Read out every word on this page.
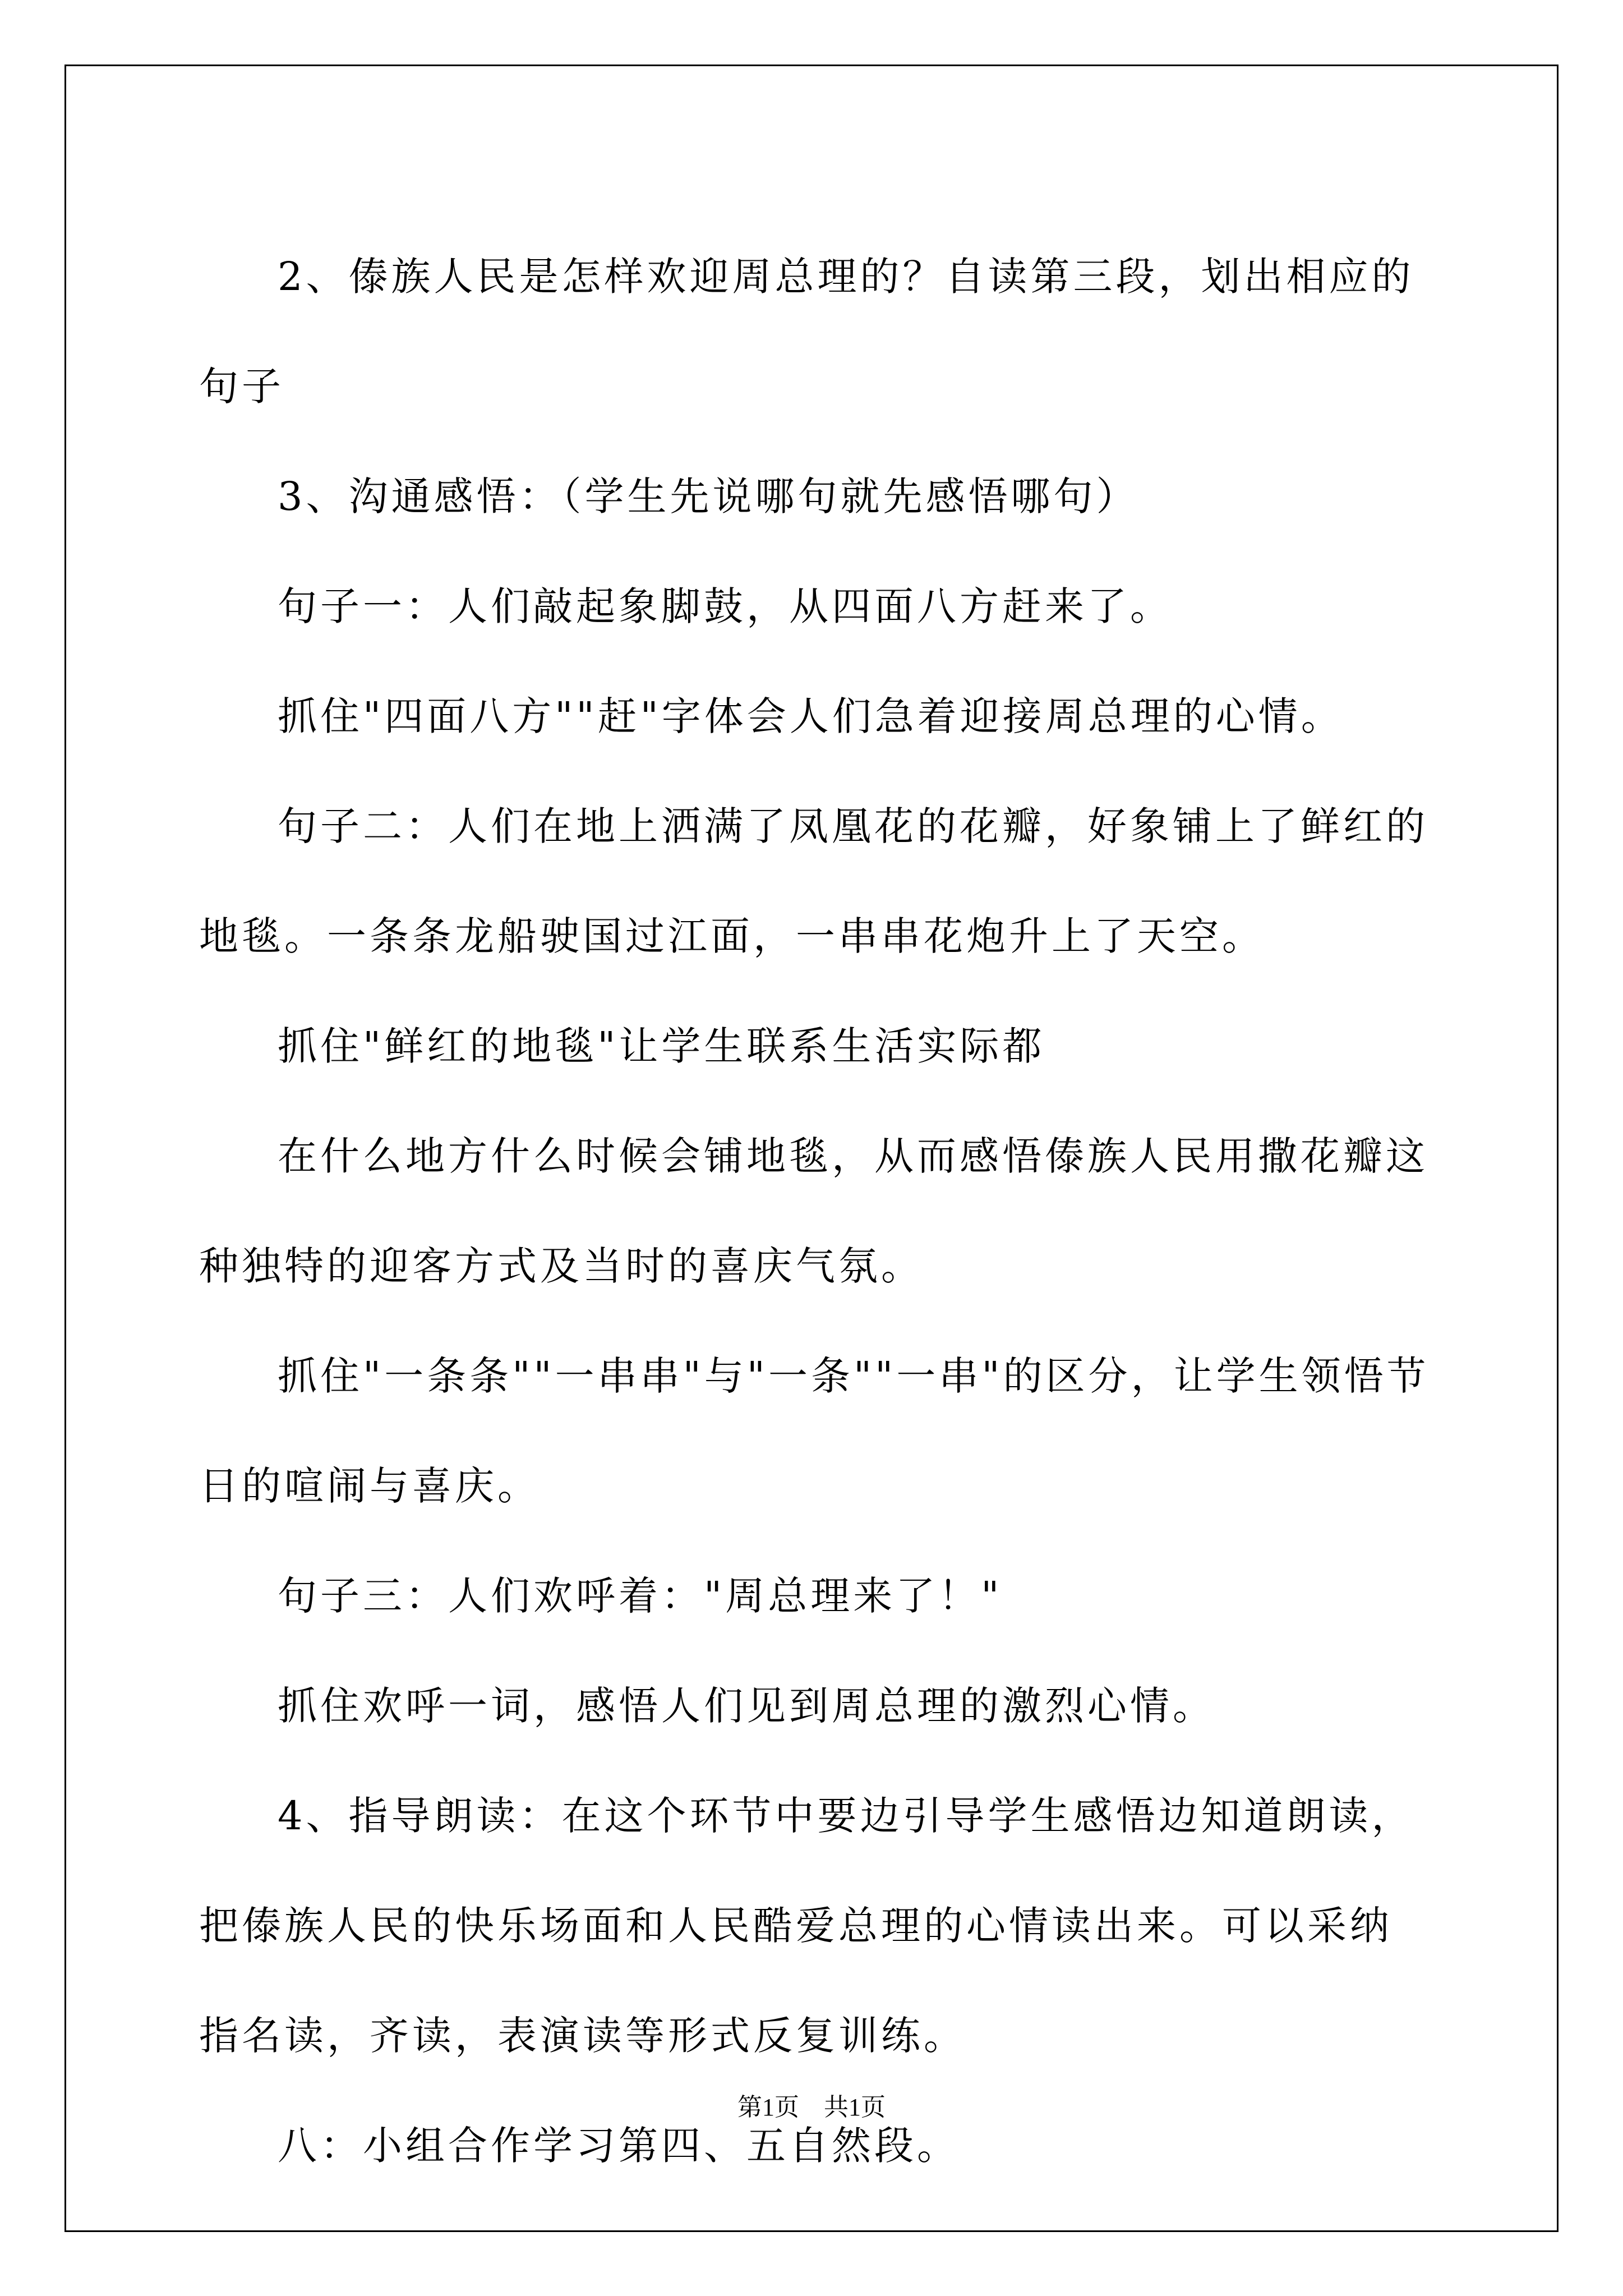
2、傣族人民是怎样欢迎周总理的？自读第三段，划出相应的句子

3、沟通感悟：（学生先说哪句就先感悟哪句）

句子一：人们敲起象脚鼓，从四面八方赶来了。

抓住"四面八方""赶"字体会人们急着迎接周总理的心情。

句子二：人们在地上洒满了凤凰花的花瓣，好象铺上了鲜红的地毯。一条条龙船驶国过江面，一串串花炮升上了天空。

抓住"鲜红的地毯"让学生联系生活实际都

在什么地方什么时候会铺地毯，从而感悟傣族人民用撒花瓣这种独特的迎客方式及当时的喜庆气氛。

抓住"一条条""一串串"与"一条""一串"的区分，让学生领悟节日的喧闹与喜庆。

句子三：人们欢呼着："周总理来了！"

抓住欢呼一词，感悟人们见到周总理的激烈心情。

4、指导朗读：在这个环节中要边引导学生感悟边知道朗读，把傣族人民的快乐场面和人民酷爱总理的心情读出来。可以采纳指名读，齐读，表演读等形式反复训练。

八：小组合作学习第四、五自然段。

第1页　共1页
